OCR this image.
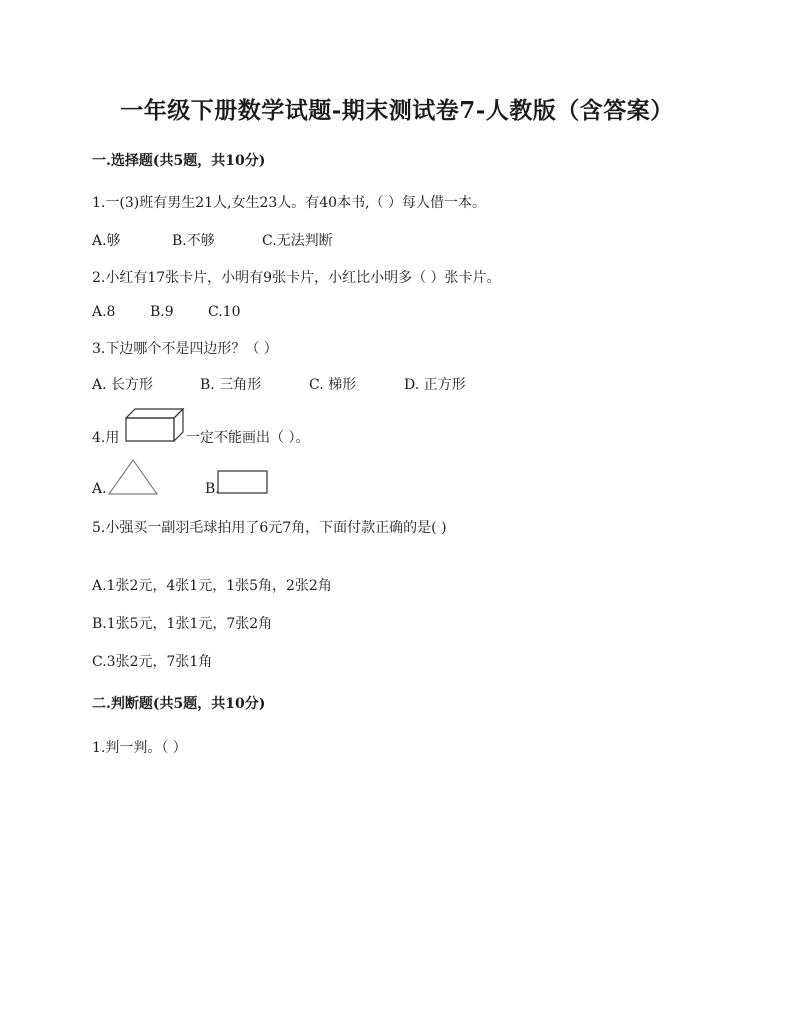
一年级下册数学试题-期末测试卷7-人教版（含答案）
一.选择题(共5题，共10分)
1.一(3)班有男生21人,女生23人。有40本书,（ ）每人借一本。
A.够	B.不够	C.无法判断
2.小红有17张卡片，小明有9张卡片，小红比小明多（ ）张卡片。
A.8 B.9 C.10
3.下边哪个不是四边形？（ ）
A. 长方形	B. 三角形	C. 梯形	D. 正方形
4.用	一定不能画出（ ）。
A.	B.
5.小强买一副羽毛球拍用了6元7角，下面付款正确的是( )
A.1张2元，4张1元，1张5角，2张2角
B.1张5元，1张1元，7张2角
C.3张2元，7张1角
二.判断题(共5题，共10分)
1.判一判。（ ）
